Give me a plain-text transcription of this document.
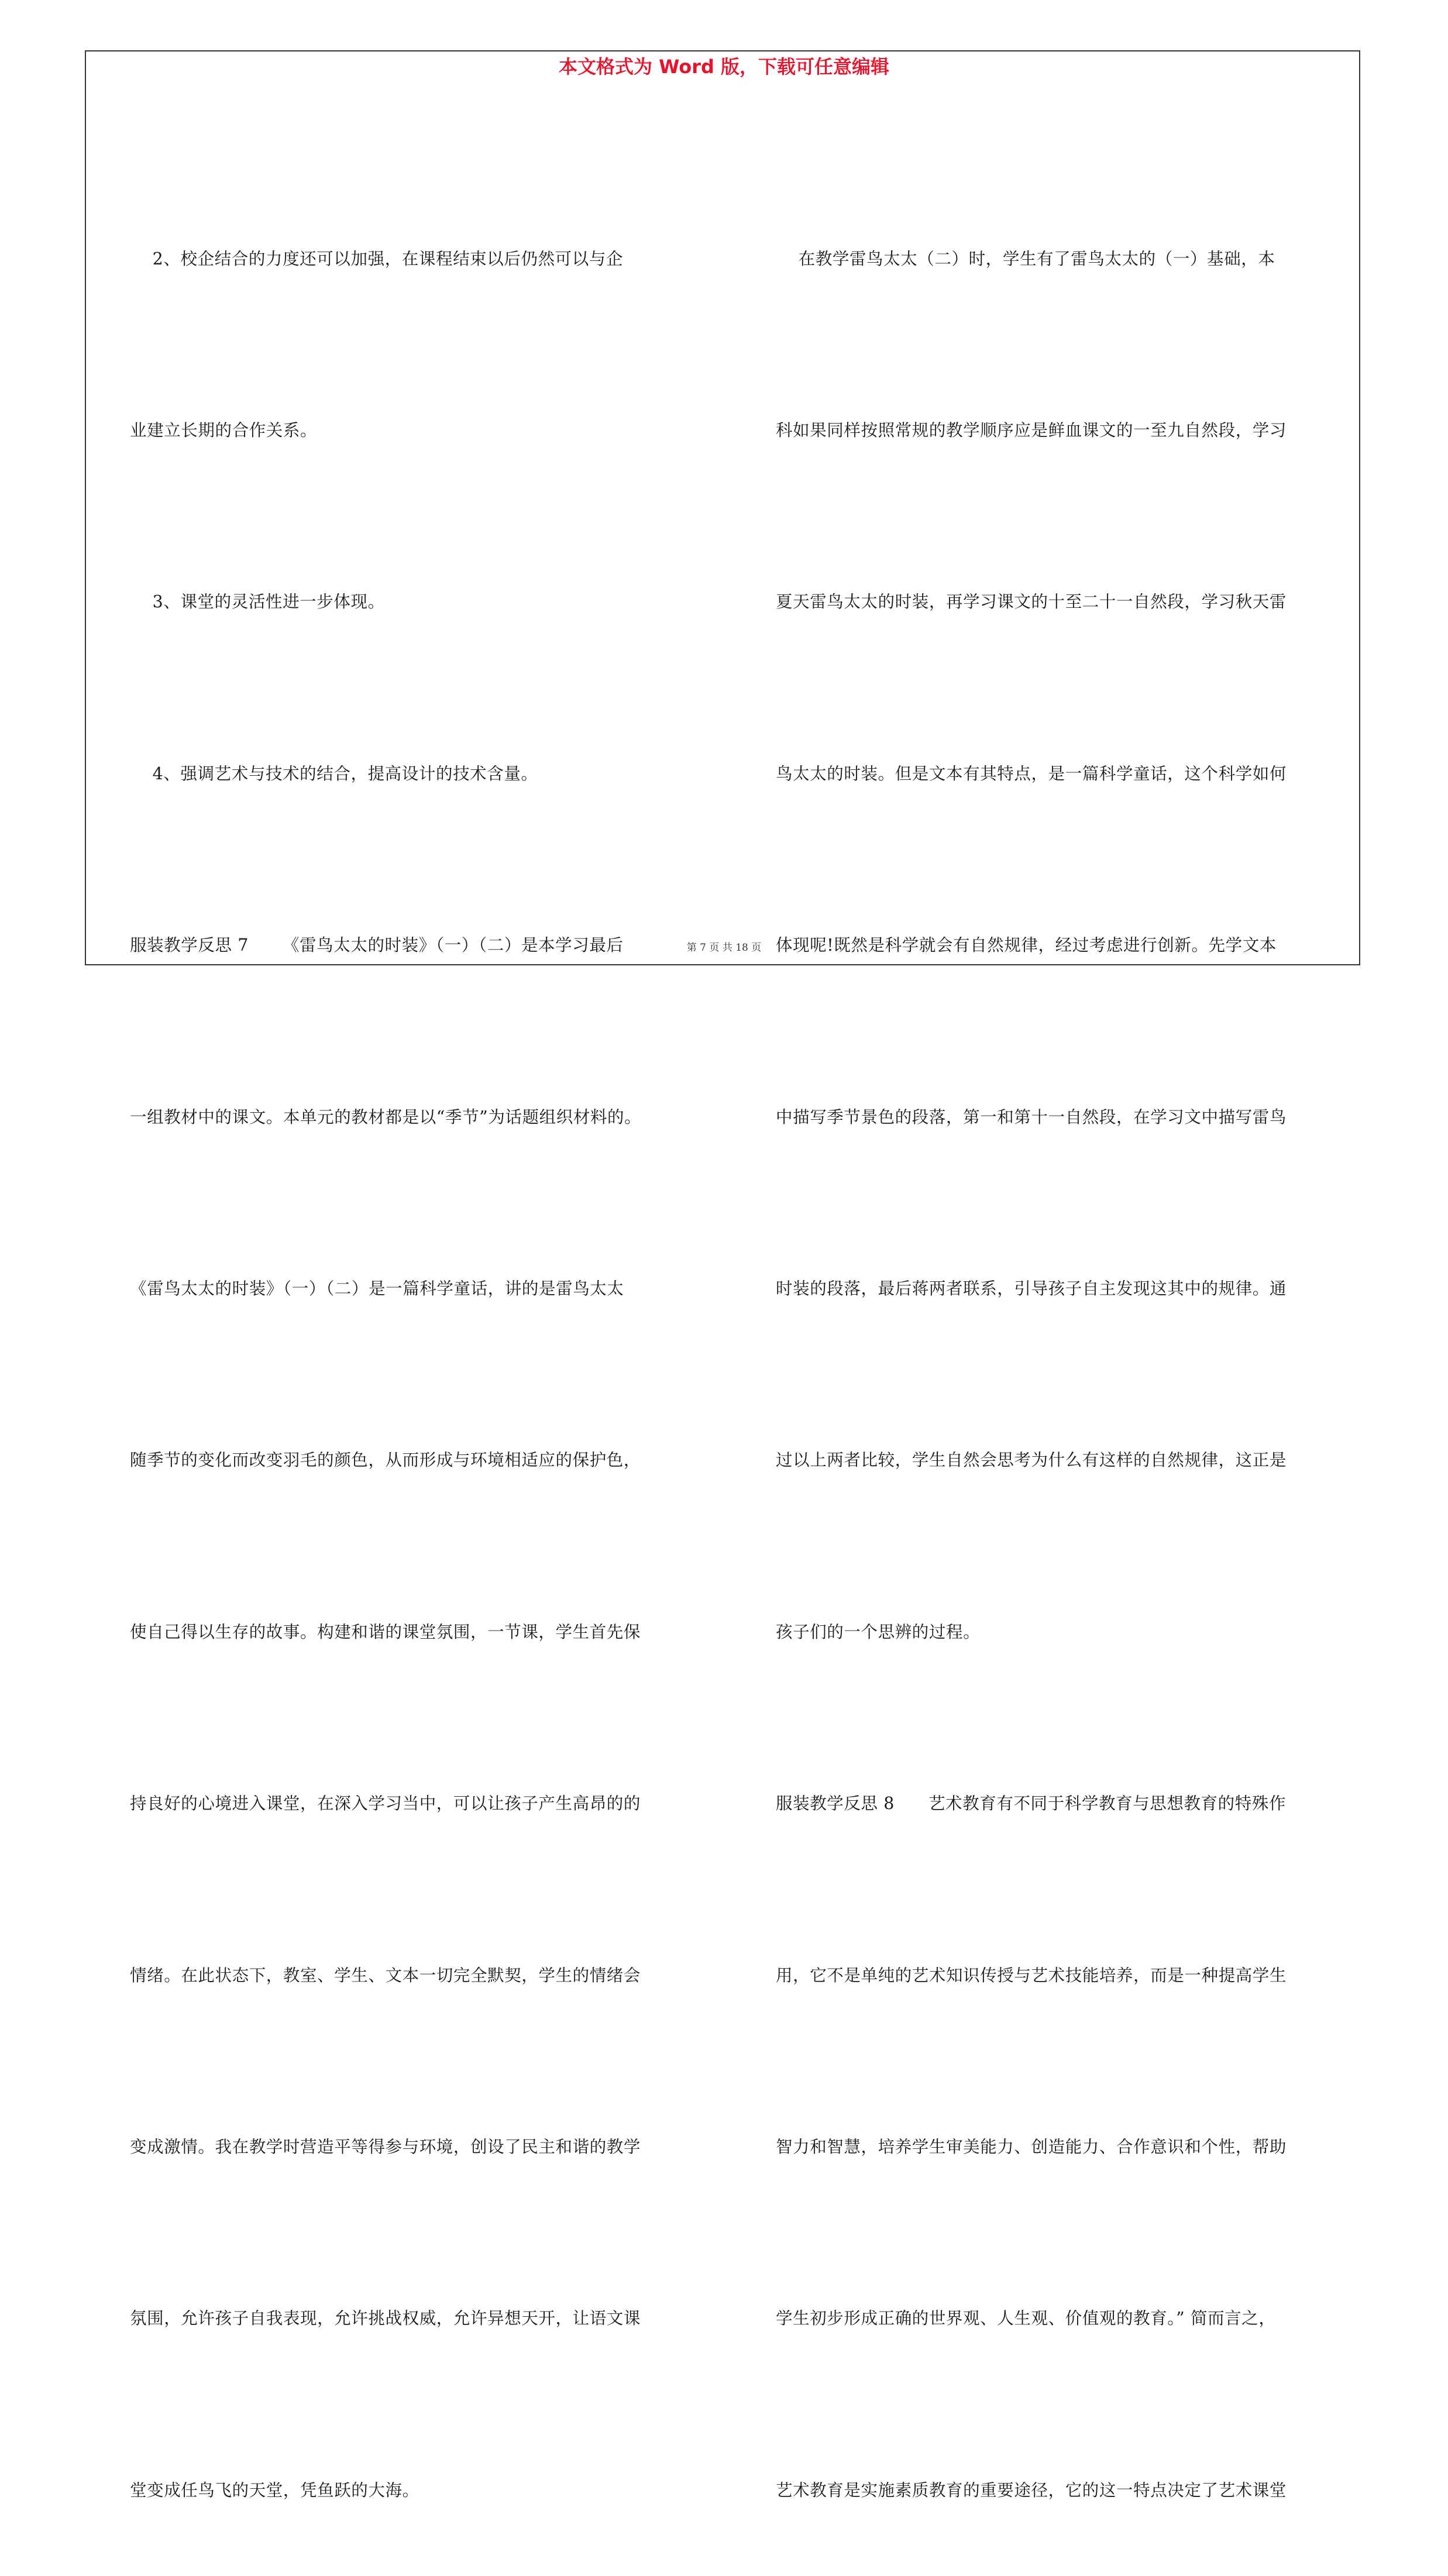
本文格式为 Word 版，下载可任意编辑

2、校企结合的力度还可以加强，在课程结束以后仍然可以与企

业建立长期的合作关系。

3、课堂的灵活性进一步体现。

4、强调艺术与技术的结合，提高设计的技术含量。

服装教学反思 7      《雷鸟太太的时装》（一）（二）是本学习最后

一组教材中的课文。本单元的教材都是以“季节”为话题组织材料的。

《雷鸟太太的时装》（一）（二）是一篇科学童话，讲的是雷鸟太太

随季节的变化而改变羽毛的颜色，从而形成与环境相适应的保护色，

使自己得以生存的故事。构建和谐的课堂氛围，一节课，学生首先保

持良好的心境进入课堂，在深入学习当中，可以让孩子产生高昂的的

情绪。在此状态下，教室、学生、文本一切完全默契，学生的情绪会

变成激情。我在教学时营造平等得参与环境，创设了民主和谐的教学

氛围，允许孩子自我表现，允许挑战权威，允许异想天开，让语文课

堂变成任鸟飞的天堂，凭鱼跃的大海。

在教学雷鸟太太（二）时，学生有了雷鸟太太的（一）基础，本

科如果同样按照常规的教学顺序应是鲜血课文的一至九自然段，学习

夏天雷鸟太太的时装，再学习课文的十至二十一自然段，学习秋天雷

鸟太太的时装。但是文本有其特点，是一篇科学童话，这个科学如何

体现呢!既然是科学就会有自然规律，经过考虑进行创新。先学文本

中描写季节景色的段落，第一和第十一自然段，在学习文中描写雷鸟

时装的段落，最后蒋两者联系，引导孩子自主发现这其中的规律。通

过以上两者比较，学生自然会思考为什么有这样的自然规律，这正是

孩子们的一个思辨的过程。

服装教学反思 8      艺术教育有不同于科学教育与思想教育的特殊作

用，它不是单纯的艺术知识传授与艺术技能培养，而是一种提高学生

智力和智慧，培养学生审美能力、创造能力、合作意识和个性，帮助

学生初步形成正确的世界观、人生观、价值观的教育。” 简而言之，

艺术教育是实施素质教育的重要途径，它的这一特点决定了艺术课堂

第 7 页 共 18 页
